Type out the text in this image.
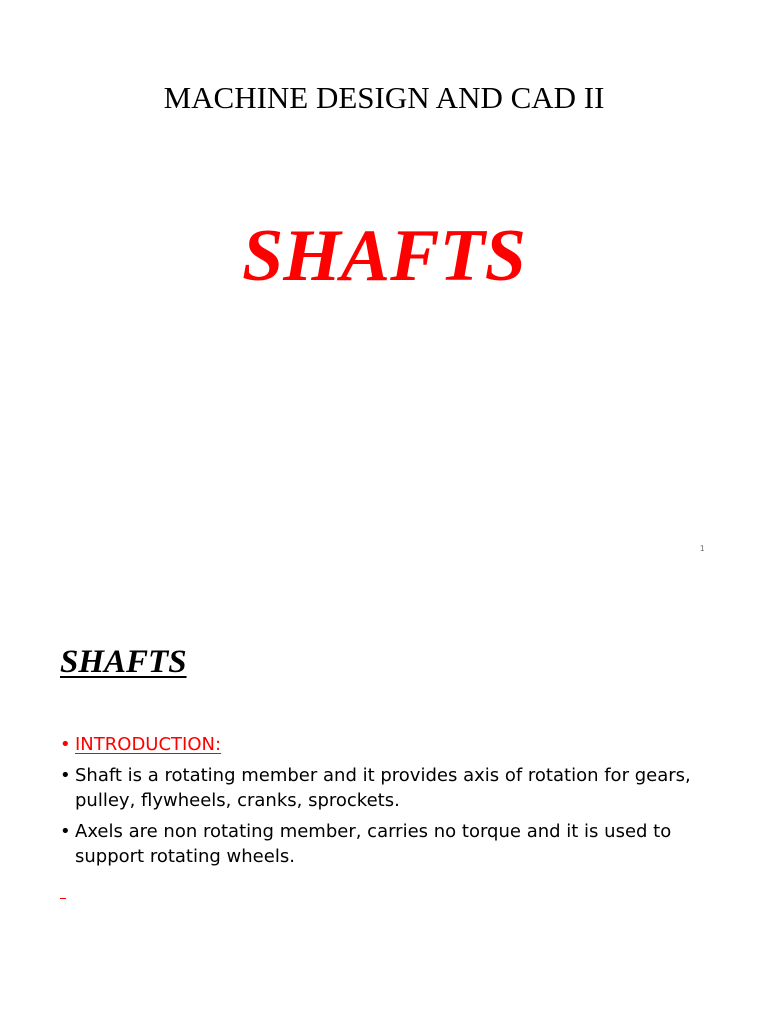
MACHINE DESIGN AND CAD II
SHAFTS
1
SHAFTS
• INTRODUCTION:
• Shaft is a rotating member and it provides axis of rotation for gears, pulley, flywheels, cranks, sprockets.
• Axels are non rotating member, carries no torque and it is used to support rotating wheels.
